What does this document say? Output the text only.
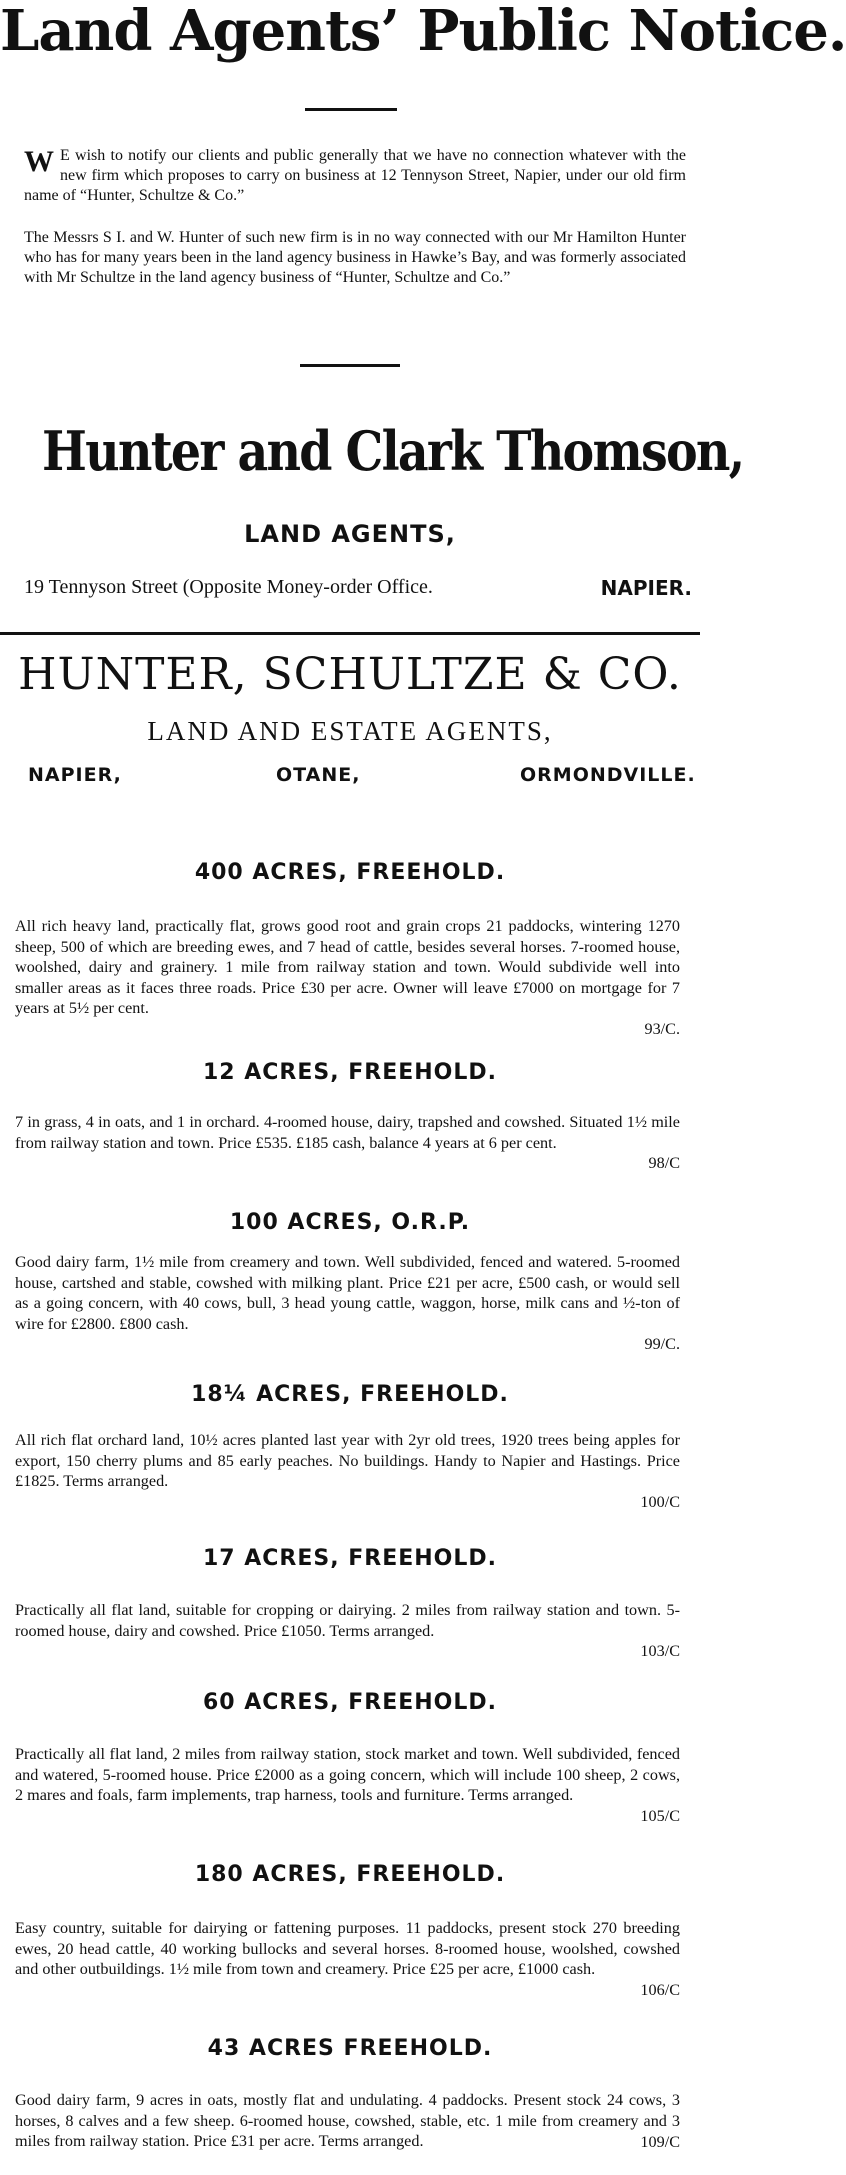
Land Agents’ Public Notice.

W E wish to notify our clients and public generally that we have no connection whatever with the new firm which proposes to carry on business at 12 Tennyson Street, Napier, under our old firm name of “Hunter, Schultze & Co.”

The Messrs S I. and W. Hunter of such new firm is in no way connected with our Mr Hamilton Hunter who has for many years been in the land agency business in Hawke’s Bay, and was formerly associated with Mr Schultze in the land agency business of “Hunter, Schultze and Co.”

Hunter and Clark Thomson,
LAND AGENTS,
19 Tennyson Street (Opposite Money-order Office.	NAPIER.
HUNTER, SCHULTZE & CO.
LAND AND ESTATE AGENTS,
NAPIER,	OTANE,	ORMONDVILLE.
400 ACRES, FREEHOLD.
All rich heavy land, practically flat, grows good root and grain crops 21 paddocks, wintering 1270 sheep, 500 of which are breeding ewes, and 7 head of cattle, besides several horses. 7-roomed house, woolshed, dairy and grainery. 1 mile from railway station and town. Would subdivide well into smaller areas as it faces three roads. Price £30 per acre. Owner will leave £7000 on mortgage for 7 years at 5½ per cent.
93/C.
12 ACRES, FREEHOLD.
7 in grass, 4 in oats, and 1 in orchard. 4-roomed house, dairy, trapshed and cowshed. Situated 1½ mile from railway station and town. Price £535. £185 cash, balance 4 years at 6 per cent.
98/C
100 ACRES, O.R.P.
Good dairy farm, 1½ mile from creamery and town. Well subdivided, fenced and watered. 5-roomed house, cartshed and stable, cowshed with milking plant. Price £21 per acre, £500 cash, or would sell as a going concern, with 40 cows, bull, 3 head young cattle, waggon, horse, milk cans and ½-ton of wire for £2800. £800 cash.
99/C.
18¼ ACRES, FREEHOLD.
All rich flat orchard land, 10½ acres planted last year with 2yr old trees, 1920 trees being apples for export, 150 cherry plums and 85 early peaches. No buildings. Handy to Napier and Hastings. Price £1825. Terms arranged.
100/C
17 ACRES, FREEHOLD.
Practically all flat land, suitable for cropping or dairying. 2 miles from railway station and town. 5-roomed house, dairy and cowshed. Price £1050. Terms arranged.
103/C
60 ACRES, FREEHOLD.
Practically all flat land, 2 miles from railway station, stock market and town. Well subdivided, fenced and watered, 5-roomed house. Price £2000 as a going concern, which will include 100 sheep, 2 cows, 2 mares and foals, farm implements, trap harness, tools and furniture. Terms arranged.
105/C
180 ACRES, FREEHOLD.
Easy country, suitable for dairying or fattening purposes. 11 paddocks, present stock 270 breeding ewes, 20 head cattle, 40 working bullocks and several horses. 8-roomed house, woolshed, cowshed and other outbuildings. 1½ mile from town and creamery. Price £25 per acre, £1000 cash.
106/C
43 ACRES FREEHOLD.
Good dairy farm, 9 acres in oats, mostly flat and undulating. 4 paddocks. Present stock 24 cows, 3 horses, 8 calves and a few sheep. 6-roomed house, cowshed, stable, etc. 1 mile from creamery and 3 miles from railway station. Price £31 per acre. Terms arranged.	109/C
